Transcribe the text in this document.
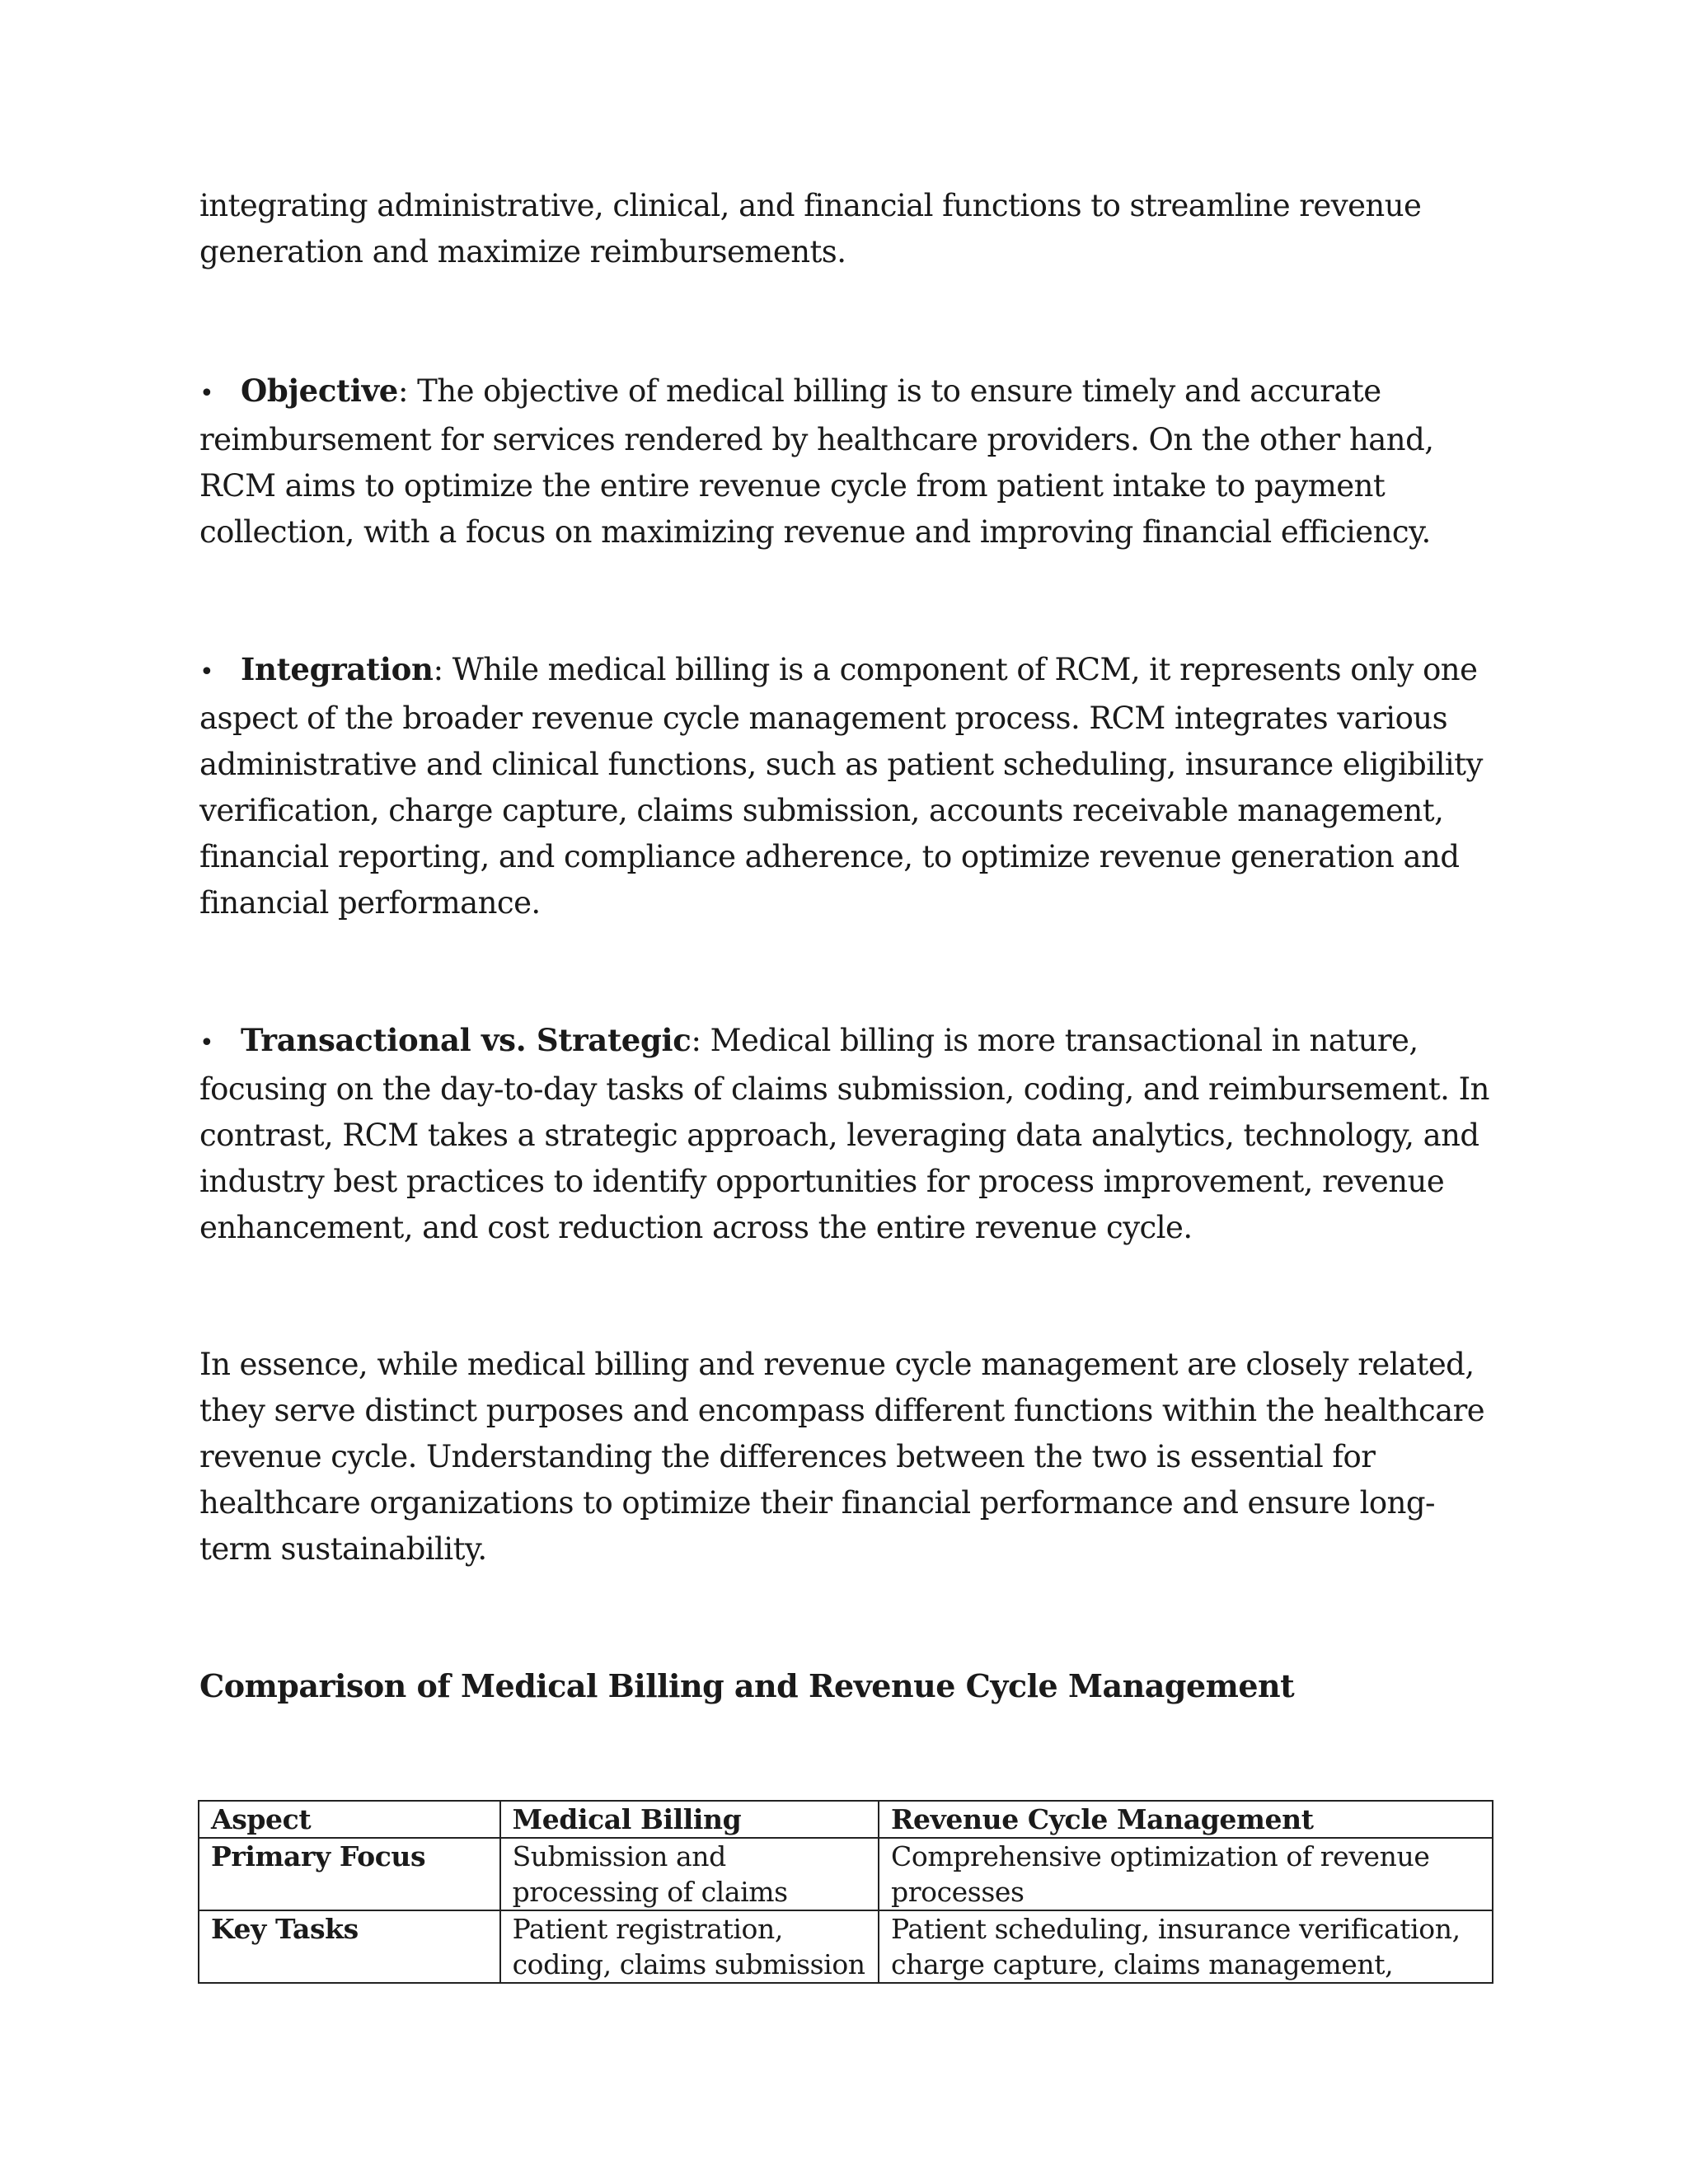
integrating administrative, clinical, and financial functions to streamline revenue generation and maximize reimbursements.

• Objective: The objective of medical billing is to ensure timely and accurate reimbursement for services rendered by healthcare providers. On the other hand, RCM aims to optimize the entire revenue cycle from patient intake to payment collection, with a focus on maximizing revenue and improving financial efficiency.

• Integration: While medical billing is a component of RCM, it represents only one aspect of the broader revenue cycle management process. RCM integrates various administrative and clinical functions, such as patient scheduling, insurance eligibility verification, charge capture, claims submission, accounts receivable management, financial reporting, and compliance adherence, to optimize revenue generation and financial performance.

• Transactional vs. Strategic: Medical billing is more transactional in nature, focusing on the day-to-day tasks of claims submission, coding, and reimbursement. In contrast, RCM takes a strategic approach, leveraging data analytics, technology, and industry best practices to identify opportunities for process improvement, revenue enhancement, and cost reduction across the entire revenue cycle.

In essence, while medical billing and revenue cycle management are closely related, they serve distinct purposes and encompass different functions within the healthcare revenue cycle. Understanding the differences between the two is essential for healthcare organizations to optimize their financial performance and ensure long-term sustainability.

Comparison of Medical Billing and Revenue Cycle Management
Aspect	Medical Billing	Revenue Cycle Management
Primary Focus	Submission and processing of claims	Comprehensive optimization of revenue processes
Key Tasks	Patient registration, coding, claims submission	Patient scheduling, insurance verification, charge capture, claims management,
